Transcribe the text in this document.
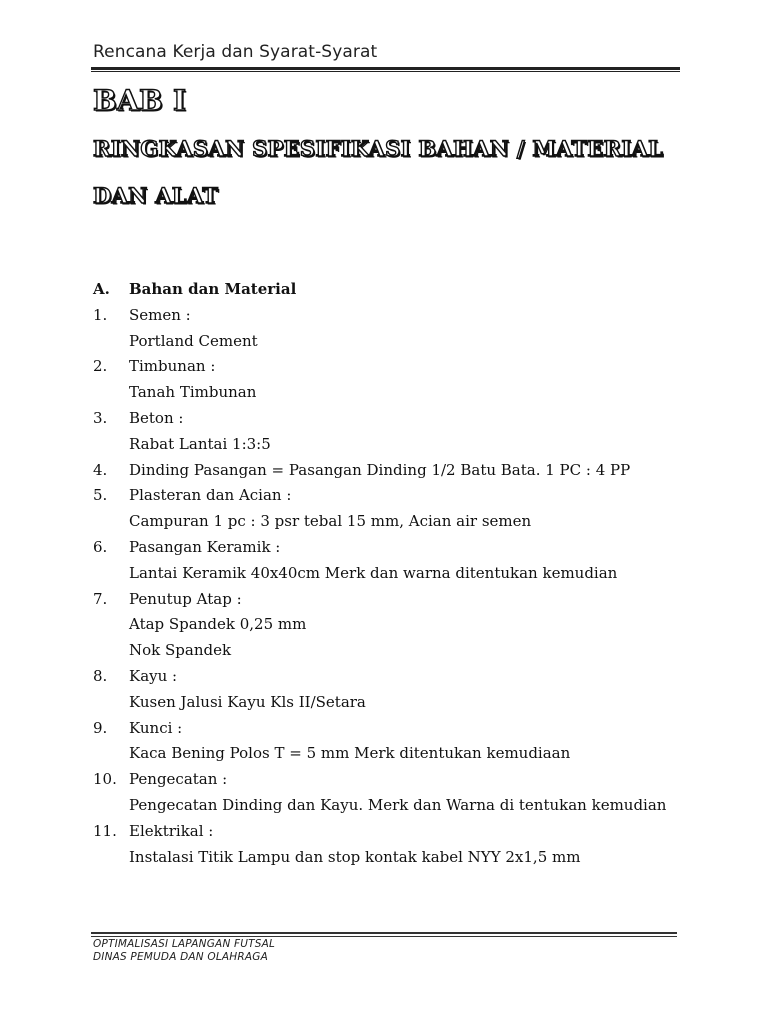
Rencana Kerja dan Syarat-Syarat
BAB I
RINGKASAN SPESIFIKASI BAHAN / MATERIAL
DAN ALAT
A.	Bahan dan Material
1.	Semen :
Portland Cement
2.	Timbunan :
Tanah Timbunan
3.	Beton :
Rabat Lantai 1:3:5
4.	Dinding Pasangan = Pasangan Dinding 1/2 Batu Bata. 1 PC : 4 PP
5.	Plasteran dan Acian :
Campuran 1 pc : 3 psr tebal 15 mm, Acian air semen
6.	Pasangan Keramik :
Lantai Keramik 40x40cm Merk dan warna ditentukan kemudian
7.	Penutup Atap :
Atap Spandek 0,25 mm
Nok Spandek
8.	Kayu :
Kusen Jalusi Kayu Kls II/Setara
9.	Kunci :
Kaca Bening Polos T = 5 mm Merk ditentukan kemudiaan
10. Pengecatan :
Pengecatan Dinding dan Kayu. Merk dan Warna di tentukan kemudian
11. Elektrikal :
Instalasi Titik Lampu dan stop kontak kabel NYY 2x1,5 mm
OPTIMALISASI LAPANGAN FUTSAL
DINAS PEMUDA DAN OLAHRAGA
